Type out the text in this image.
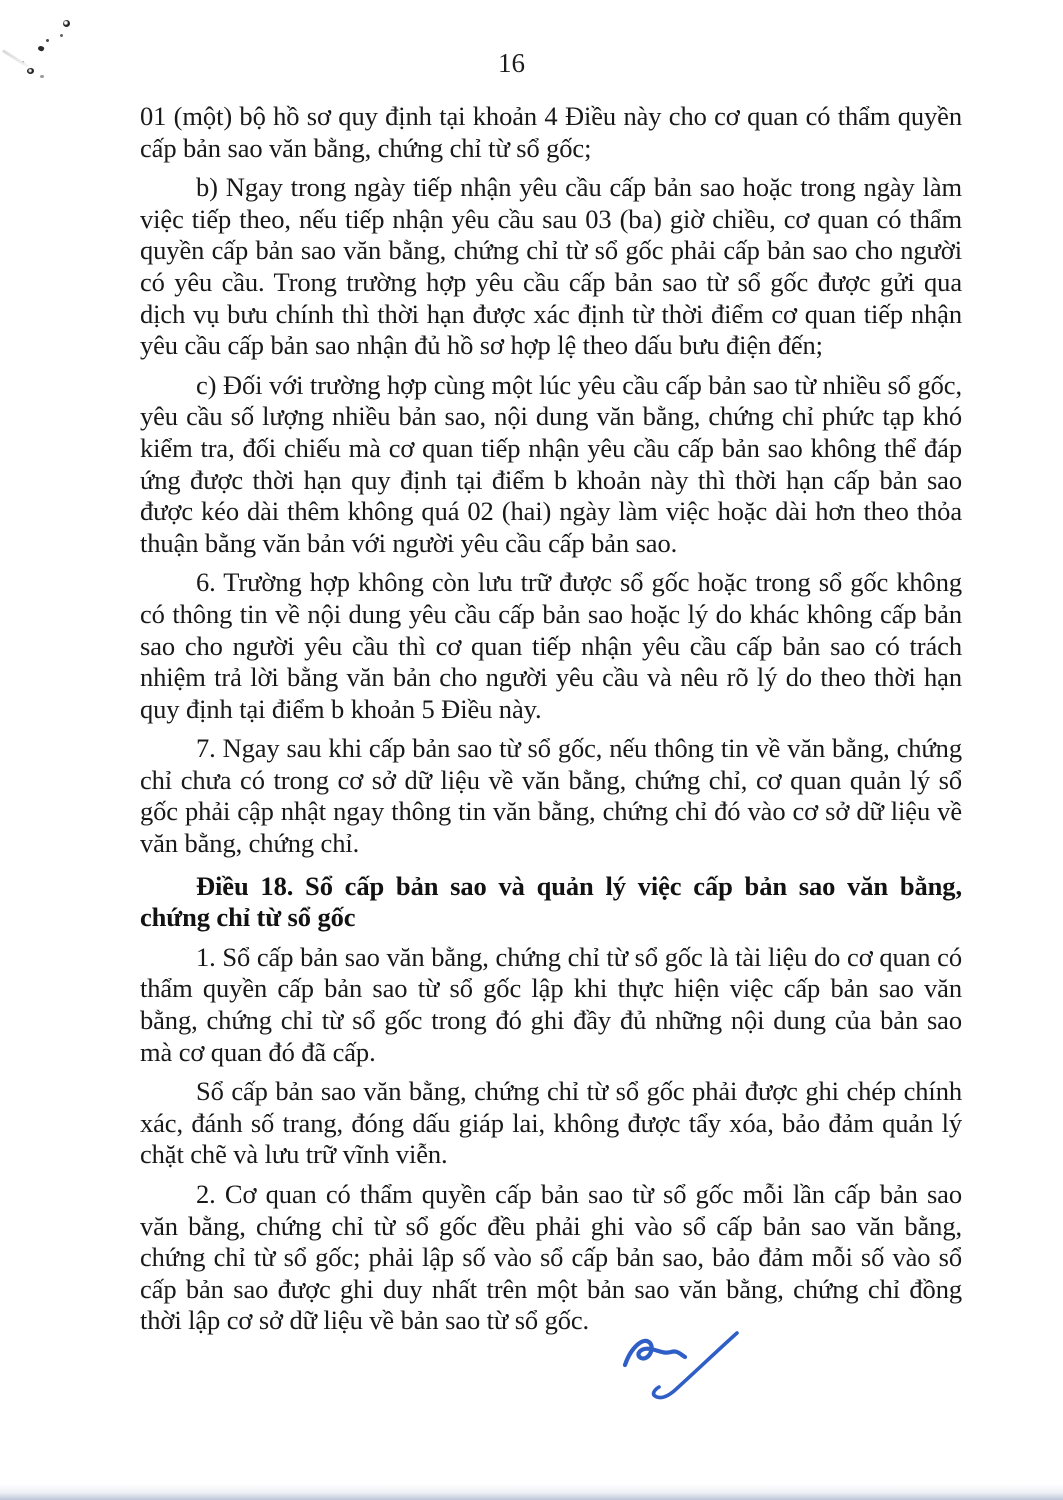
16

01 (một) bộ hồ sơ quy định tại khoản 4 Điều này cho cơ quan có thẩm quyền cấp bản sao văn bằng, chứng chỉ từ sổ gốc;

b) Ngay trong ngày tiếp nhận yêu cầu cấp bản sao hoặc trong ngày làm việc tiếp theo, nếu tiếp nhận yêu cầu sau 03 (ba) giờ chiều, cơ quan có thẩm quyền cấp bản sao văn bằng, chứng chỉ từ sổ gốc phải cấp bản sao cho người có yêu cầu. Trong trường hợp yêu cầu cấp bản sao từ sổ gốc được gửi qua dịch vụ bưu chính thì thời hạn được xác định từ thời điểm cơ quan tiếp nhận yêu cầu cấp bản sao nhận đủ hồ sơ hợp lệ theo dấu bưu điện đến;

c) Đối với trường hợp cùng một lúc yêu cầu cấp bản sao từ nhiều sổ gốc, yêu cầu số lượng nhiều bản sao, nội dung văn bằng, chứng chỉ phức tạp khó kiểm tra, đối chiếu mà cơ quan tiếp nhận yêu cầu cấp bản sao không thể đáp ứng được thời hạn quy định tại điểm b khoản này thì thời hạn cấp bản sao được kéo dài thêm không quá 02 (hai) ngày làm việc hoặc dài hơn theo thỏa thuận bằng văn bản với người yêu cầu cấp bản sao.

6. Trường hợp không còn lưu trữ được sổ gốc hoặc trong sổ gốc không có thông tin về nội dung yêu cầu cấp bản sao hoặc lý do khác không cấp bản sao cho người yêu cầu thì cơ quan tiếp nhận yêu cầu cấp bản sao có trách nhiệm trả lời bằng văn bản cho người yêu cầu và nêu rõ lý do theo thời hạn quy định tại điểm b khoản 5 Điều này.

7. Ngay sau khi cấp bản sao từ sổ gốc, nếu thông tin về văn bằng, chứng chỉ chưa có trong cơ sở dữ liệu về văn bằng, chứng chỉ, cơ quan quản lý sổ gốc phải cập nhật ngay thông tin văn bằng, chứng chỉ đó vào cơ sở dữ liệu về văn bằng, chứng chỉ.

Điều 18. Sổ cấp bản sao và quản lý việc cấp bản sao văn bằng, chứng chỉ từ sổ gốc

1. Sổ cấp bản sao văn bằng, chứng chỉ từ sổ gốc là tài liệu do cơ quan có thẩm quyền cấp bản sao từ sổ gốc lập khi thực hiện việc cấp bản sao văn bằng, chứng chỉ từ sổ gốc trong đó ghi đầy đủ những nội dung của bản sao mà cơ quan đó đã cấp.

Sổ cấp bản sao văn bằng, chứng chỉ từ sổ gốc phải được ghi chép chính xác, đánh số trang, đóng dấu giáp lai, không được tẩy xóa, bảo đảm quản lý chặt chẽ và lưu trữ vĩnh viễn.

2. Cơ quan có thẩm quyền cấp bản sao từ sổ gốc mỗi lần cấp bản sao văn bằng, chứng chỉ từ sổ gốc đều phải ghi vào sổ cấp bản sao văn bằng, chứng chỉ từ sổ gốc; phải lập số vào sổ cấp bản sao, bảo đảm mỗi số vào sổ cấp bản sao được ghi duy nhất trên một bản sao văn bằng, chứng chỉ đồng thời lập cơ sở dữ liệu về bản sao từ sổ gốc.
